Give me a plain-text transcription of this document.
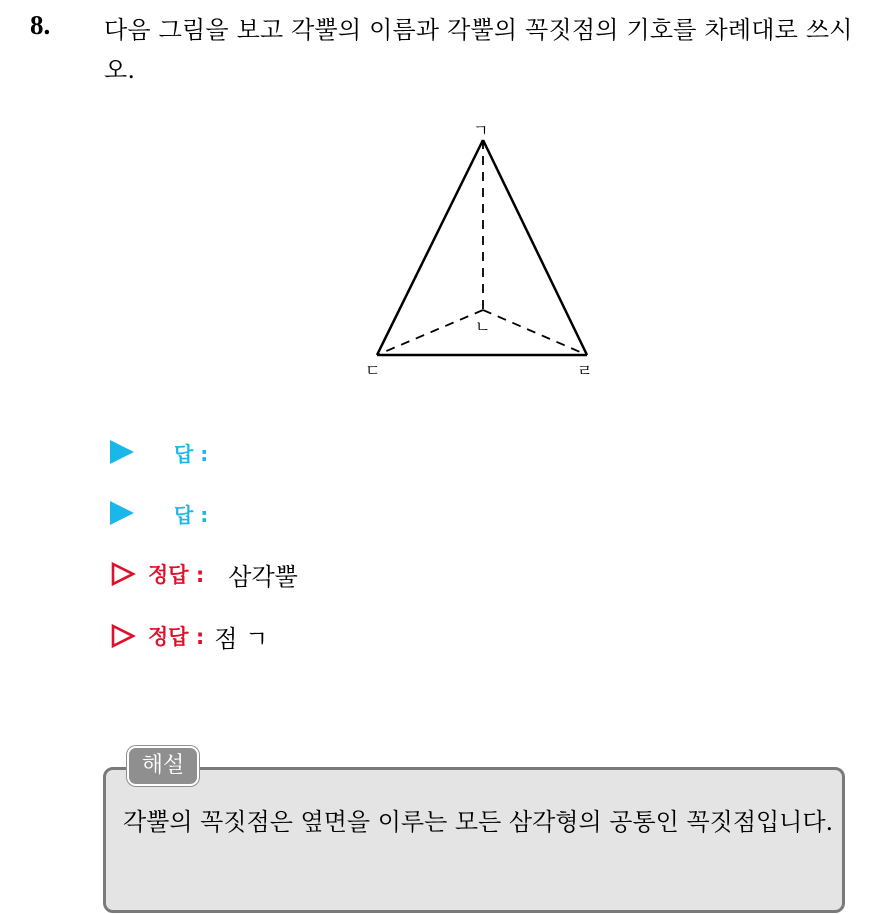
8. 다음 그림을 보고 각뿔의 이름과 각뿔의 꼭짓점의 기호를 차례대로 쓰시오.
ㄱ
ㄴ
ㄷ	ㄹ
답 :
답 :
정답 : 삼각뿔
정답 : 점 ㄱ
해설
각뿔의 꼭짓점은 옆면을 이루는 모든 삼각형의 공통인 꼭짓점입니다.
